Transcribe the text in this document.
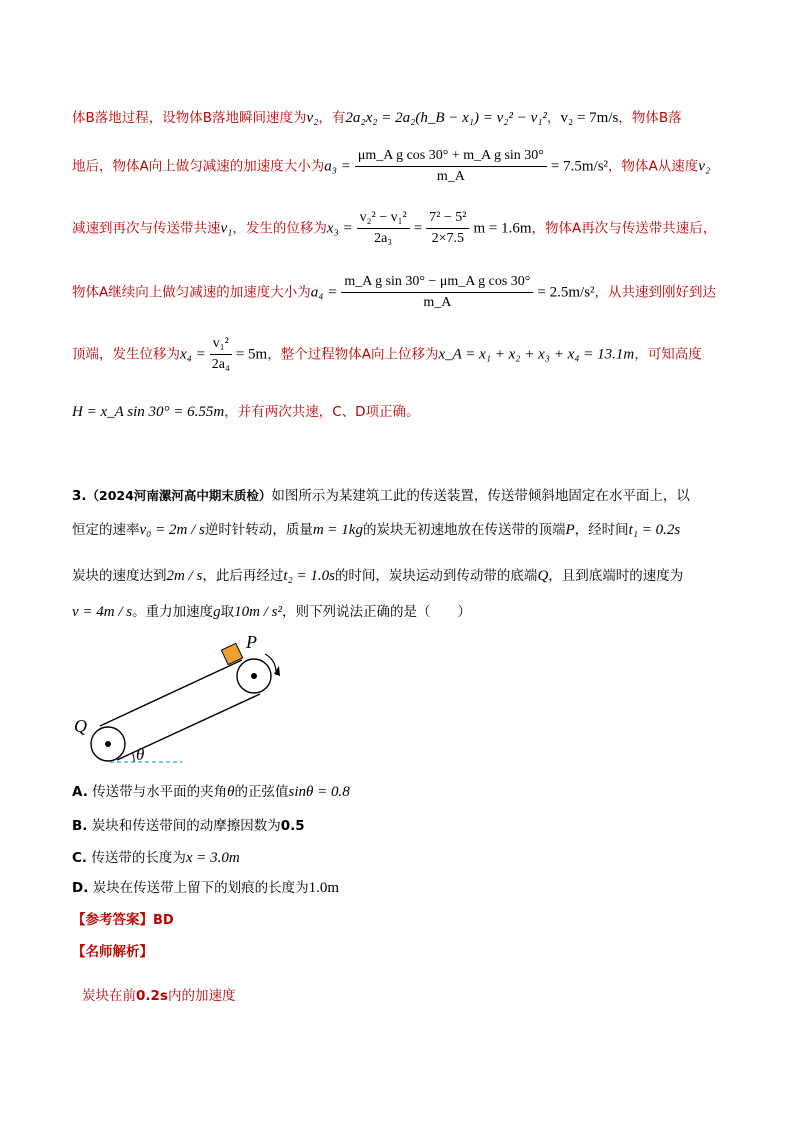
体B落地过程，设物体B落地瞬间速度为v₂，有2a₂x₂ = 2a₂(h_B − x₁) = v₂² − v₁²，v₂ = 7m/s，物体B落
地后，物体A向上做匀减速的加速度大小为$a_3 = \frac{\text{μm\_A g cos 30° + m\_A g sin 30°}}{m\_A} = 7.5m/s^2$，物体A从速度v₂
减速到再次与传送带共速v₁，发生的位移为$x_3 = \frac{\text{v₂² − v₁²}}{\text{2a₃}} = \frac{\text{7² − 5²}}{2\times 7.5}$ m = 1.6m，物体A再次与传送带共速后，
物体A继续向上做匀减速的加速度大小为$a_4 = \frac{\text{m\_A g sin 30° − μm\_A g cos 30°}}{m\_A} = 2.5m/s^2$，从共速到刚好到达
顶端，发生位移为$x_4 = \frac{\text{v₁²}}{\text{2a₄}} = 5m$，整个过程物体A向上位移为x_A = x₁ + x₂ + x₃ + x₄ = 13.1m，可知高度
H = x_A sin 30° = 6.55m，并有两次共速，C、D项正确。
3.（2024河南漯河高中期末质检）如图所示为某建筑工此的传送装置，传送带倾斜地固定在水平面上，以
恒定的速率v₀ = 2m / s逆时针转动，质量m = 1kg的炭块无初速地放在传送带的顶端P，经时间t₁ = 0.2s
炭块的速度达到2m / s，此后再经过t₂ = 1.0s的时间，炭块运动到传动带的底端Q，且到底端时的速度为
v = 4m / s。重力加速度g取10m / s²，则下列说法正确的是（　　）
θ
P
Q
A. 传送带与水平面的夹角θ的正弦值sinθ = 0.8
B. 炭块和传送带间的动摩擦因数为0.5
C. 传送带的长度为x = 3.0m
D. 炭块在传送带上留下的划痕的长度为1.0m
【参考答案】BD
【名师解析】
炭块在前0.2s内的加速度
